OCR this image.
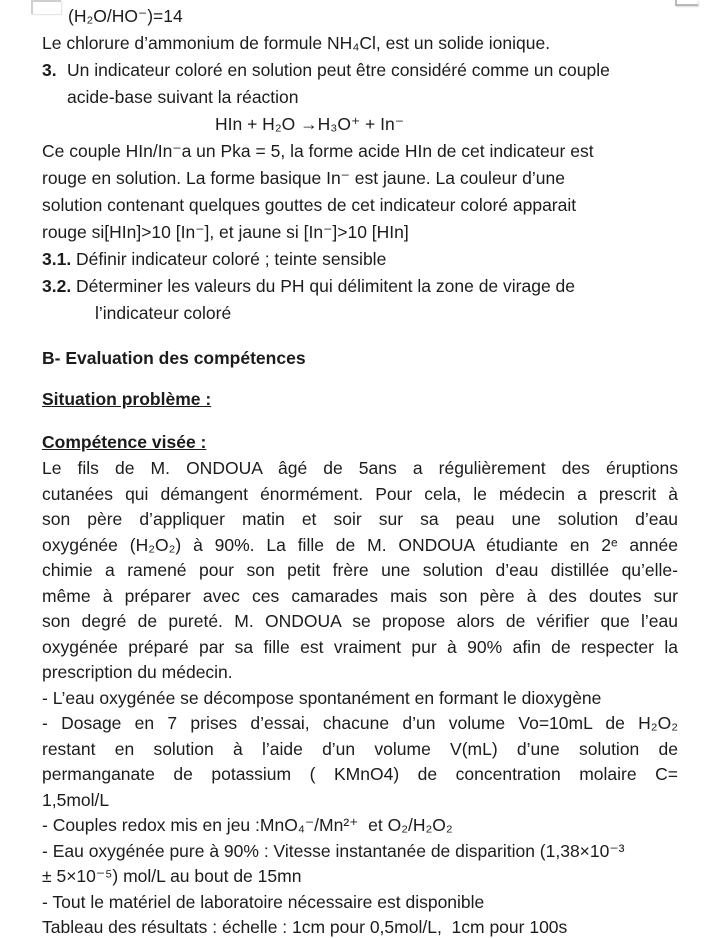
(H₂O/HO⁻)=14
Le chlorure d’ammonium de formule NH₄Cl, est un solide ionique.
3. Un indicateur coloré en solution peut être considéré comme un couple
acide-base suivant la réaction
HIn + H₂O →H₃O⁺ + In⁻
Ce couple HIn/In⁻a un Pka = 5, la forme acide HIn de cet indicateur est
rouge en solution. La forme basique In⁻ est jaune. La couleur d’une
solution contenant quelques gouttes de cet indicateur coloré apparait
rouge si[HIn]>10 [In⁻], et jaune si [In⁻]>10 [HIn]
3.1. Définir indicateur coloré ; teinte sensible
3.2. Déterminer les valeurs du PH qui délimitent la zone de virage de
l’indicateur coloré
B- Evaluation des compétences
Situation problème :
Compétence visée :
Le fils de M. ONDOUA âgé de 5ans a régulièrement des éruptions
cutanées qui démangent énormément. Pour cela, le médecin a prescrit à
son père d’appliquer matin et soir sur sa peau une solution d’eau
oxygénée (H₂O₂) à 90%. La fille de M. ONDOUA étudiante en 2ᵉ année
chimie a ramené pour son petit frère une solution d’eau distillée qu’elle-
même à préparer avec ces camarades mais son père à des doutes sur
son degré de pureté. M. ONDOUA se propose alors de vérifier que l’eau
oxygénée préparé par sa fille est vraiment pur à 90% afin de respecter la
prescription du médecin.
- L’eau oxygénée se décompose spontanément en formant le dioxygène
- Dosage en 7 prises d’essai, chacune d’un volume Vo=10mL de H₂O₂
restant en solution à l’aide d’un volume V(mL) d’une solution de
permanganate de potassium ( KMnO4) de concentration molaire C=
1,5mol/L
- Couples redox mis en jeu :MnO₄⁻/Mn²⁺  et O₂/H₂O₂
- Eau oxygénée pure à 90% : Vitesse instantanée de disparition (1,38×10⁻³
± 5×10⁻⁵) mol/L au bout de 15mn
- Tout le matériel de laboratoire nécessaire est disponible
Tableau des résultats : échelle : 1cm pour 0,5mol/L,  1cm pour 100s
